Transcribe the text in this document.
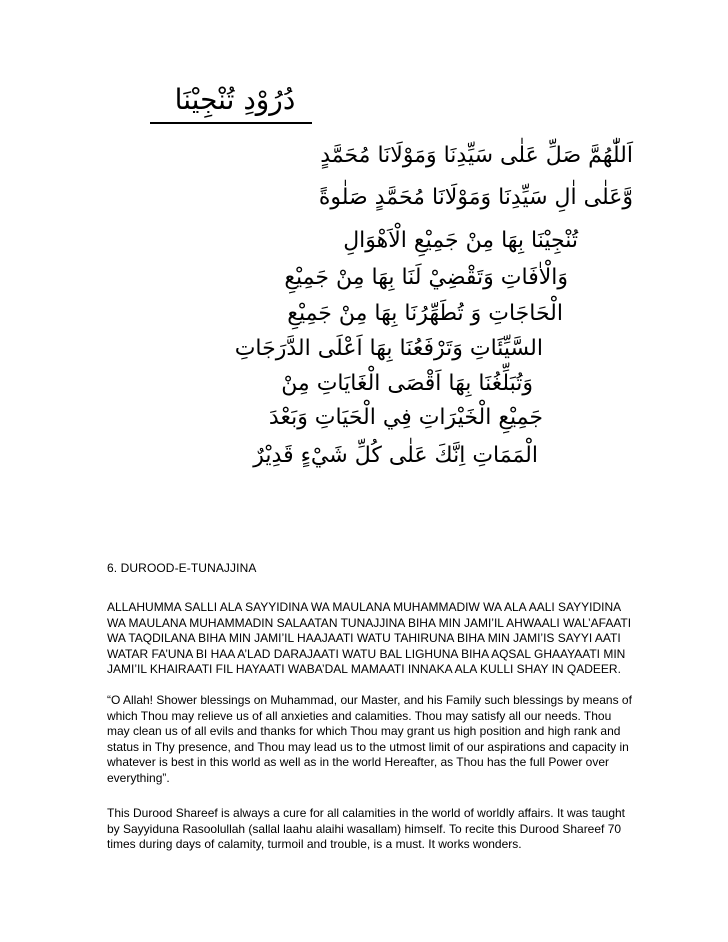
دُرُوْدِ تُنْجِيْنَا
اَللّٰهُمَّ صَلِّ عَلٰى سَيِّدِنَا وَمَوْلَانَا مُحَمَّدٍ
وَّعَلٰى اٰلِ سَيِّدِنَا وَمَوْلَانَا مُحَمَّدٍ صَلٰوةً
تُنْجِيْنَا بِهَا مِنْ جَمِيْعِ الْاَهْوَالِ
وَالْاٰفَاتِ وَتَقْضِيْ لَنَا بِهَا مِنْ جَمِيْعِ
الْحَاجَاتِ وَ تُطَهِّرُنَا بِهَا مِنْ جَمِيْعِ
السَّيِّئَاتِ وَتَرْفَعُنَا بِهَا اَعْلَى الدَّرَجَاتِ
وَتُبَلِّغُنَا بِهَا اَقْصَى الْغَايَاتِ مِنْ
جَمِيْعِ الْخَيْرَاتِ فِي الْحَيَاتِ وَبَعْدَ
الْمَمَاتِ اِنَّكَ عَلٰى كُلِّ شَيْءٍ قَدِيْرٌ
6. DUROOD-E-TUNAJJINA

ALLAHUMMA SALLI ALA SAYYIDINA WA MAULANA MUHAMMADIW WA ALA AALI SAYYIDINA WA MAULANA MUHAMMADIN SALAATAN TUNAJJINA BIHA MIN JAMI’IL AHWAALI WAL’AFAATI WA TAQDILANA BIHA MIN JAMI’IL HAAJAATI WATU TAHIRUNA BIHA MIN JAMI’IS SAYYI AATI WATAR FA’UNA BI HAA A’LAD DARAJAATI WATU BAL LIGHUNA BIHA AQSAL GHAAYAATI MIN JAMI’IL KHAIRAATI FIL HAYAATI WABA’DAL MAMAATI INNAKA ALA KULLI SHAY IN QADEER.

“O Allah! Shower blessings on Muhammad, our Master, and his Family such blessings by means of which Thou may relieve us of all anxieties and calamities. Thou may satisfy all our needs. Thou may clean us of all evils and thanks for which Thou may grant us high position and high rank and status in Thy presence, and Thou may lead us to the utmost limit of our aspirations and capacity in whatever is best in this world as well as in the world Hereafter, as Thou has the full Power over everything”.

This Durood Shareef is always a cure for all calamities in the world of worldly affairs. It was taught by Sayyiduna Rasoolullah (sallal laahu alaihi wasallam) himself. To recite this Durood Shareef 70 times during days of calamity, turmoil and trouble, is a must. It works wonders.
